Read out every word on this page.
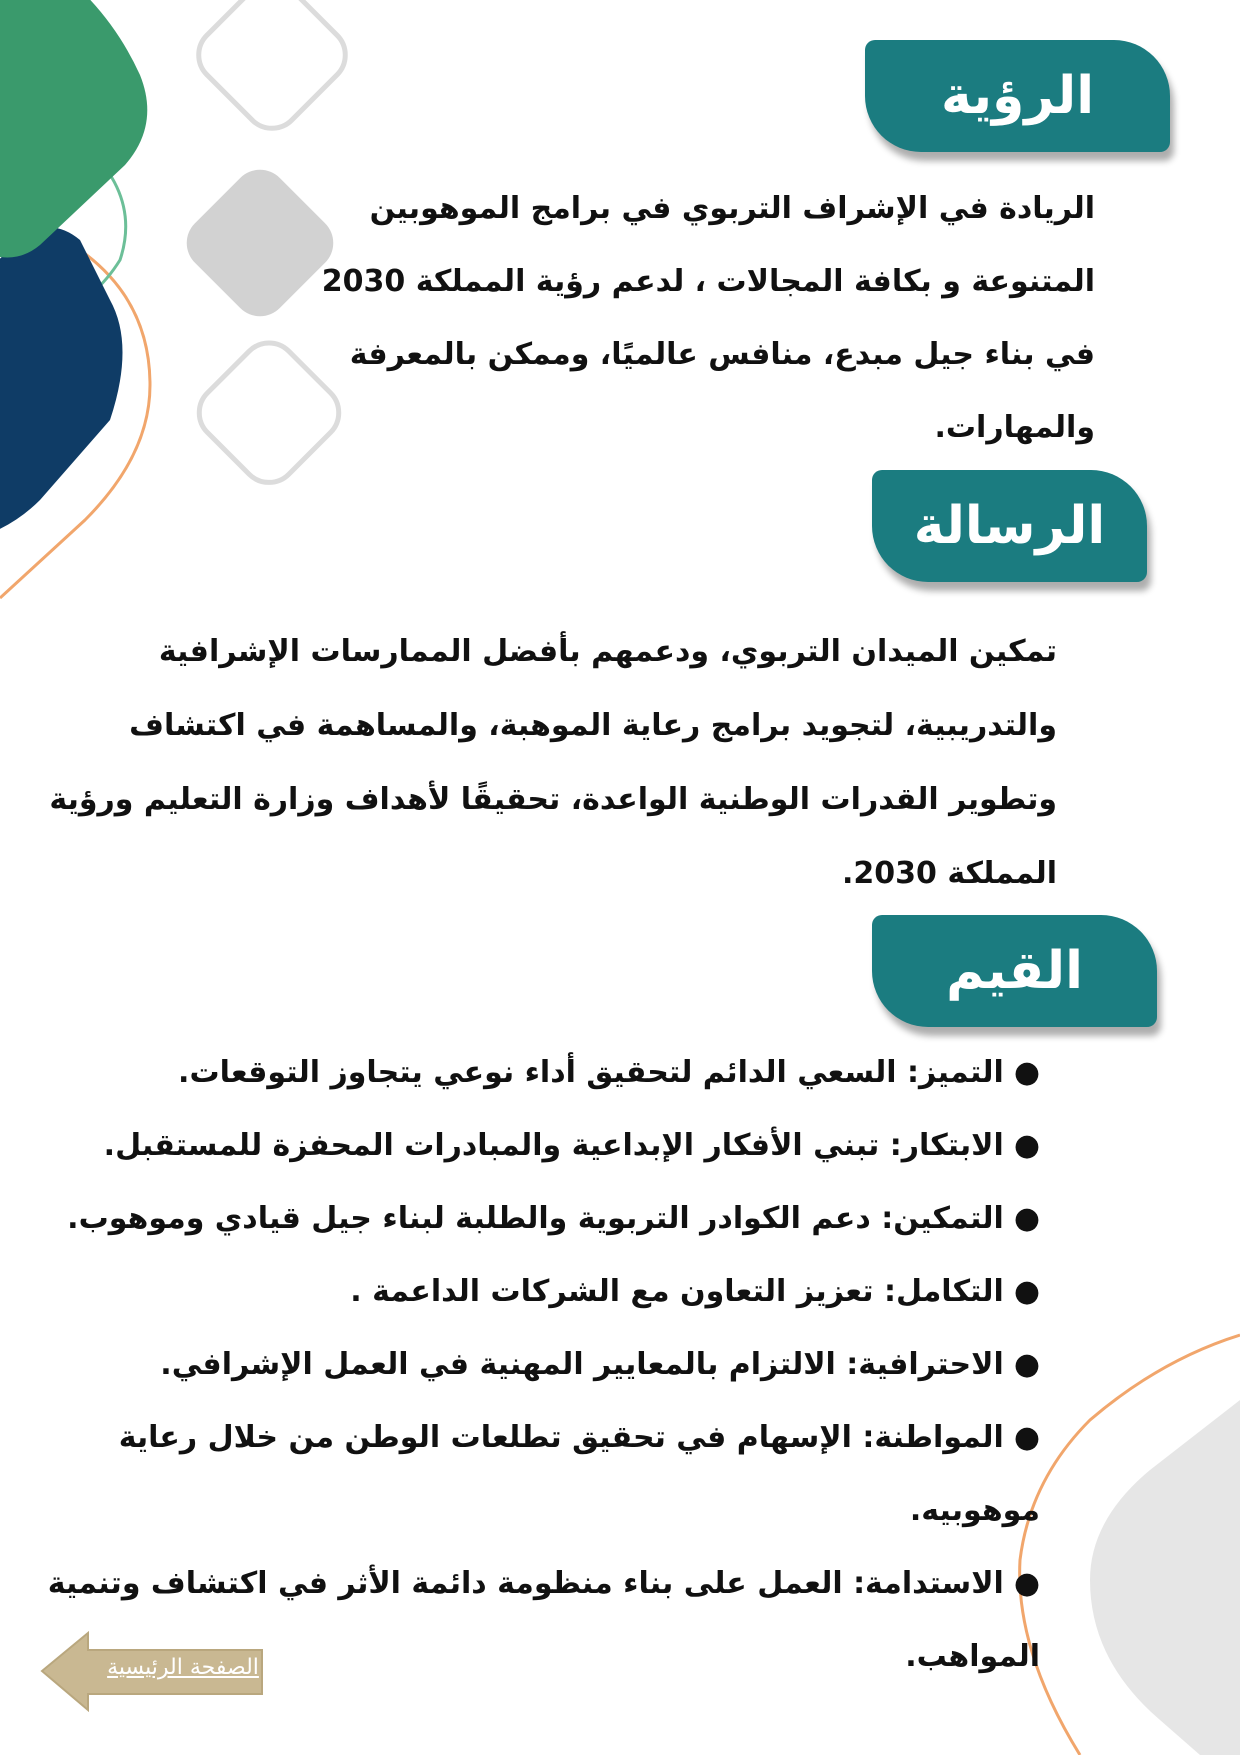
الرؤية

الريادة في الإشراف التربوي في برامج الموهوبين
المتنوعة و بكافة المجالات ، لدعم رؤية المملكة 2030
في بناء جيل مبدع، منافس عالميًا، وممكن بالمعرفة
والمهارات.

الرسالة

تمكين الميدان التربوي، ودعمهم بأفضل الممارسات الإشرافية
والتدريبية، لتجويد برامج رعاية الموهبة، والمساهمة في اكتشاف
وتطوير القدرات الوطنية الواعدة، تحقيقًا لأهداف وزارة التعليم ورؤية
المملكة 2030.

القيم
●التميز: السعي الدائم لتحقيق أداء نوعي يتجاوز التوقعات.
●الابتكار: تبني الأفكار الإبداعية والمبادرات المحفزة للمستقبل.
●التمكين: دعم الكوادر التربوية والطلبة لبناء جيل قيادي وموهوب.
●التكامل: تعزيز التعاون مع الشركات الداعمة .
●الاحترافية: الالتزام بالمعايير المهنية في العمل الإشرافي.
●المواطنة: الإسهام في تحقيق تطلعات الوطن من خلال رعاية
موهوبيه.
●الاستدامة: العمل على بناء منظومة دائمة الأثر في اكتشاف وتنمية
المواهب.
الصفحة الرئيسية
